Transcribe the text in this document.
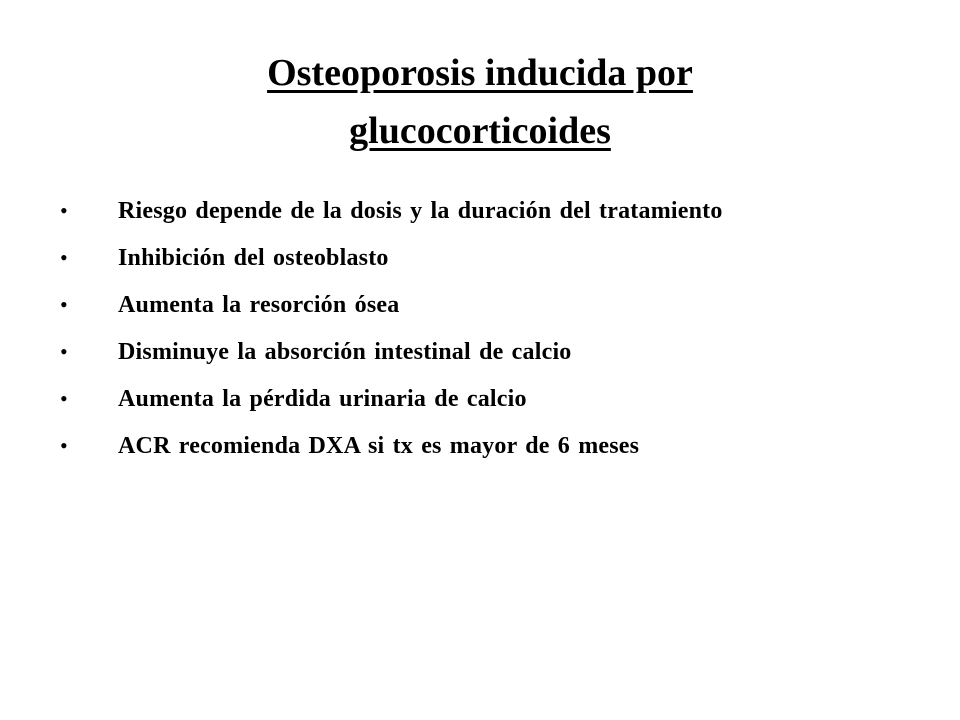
Osteoporosis inducida por
glucocorticoides
•	Riesgo depende de la dosis y la duración del tratamiento
•	Inhibición del osteoblasto
•	Aumenta la resorción ósea
•	Disminuye la absorción intestinal de calcio
•	Aumenta la pérdida urinaria de calcio
•	ACR recomienda DXA si tx es mayor de 6 meses
